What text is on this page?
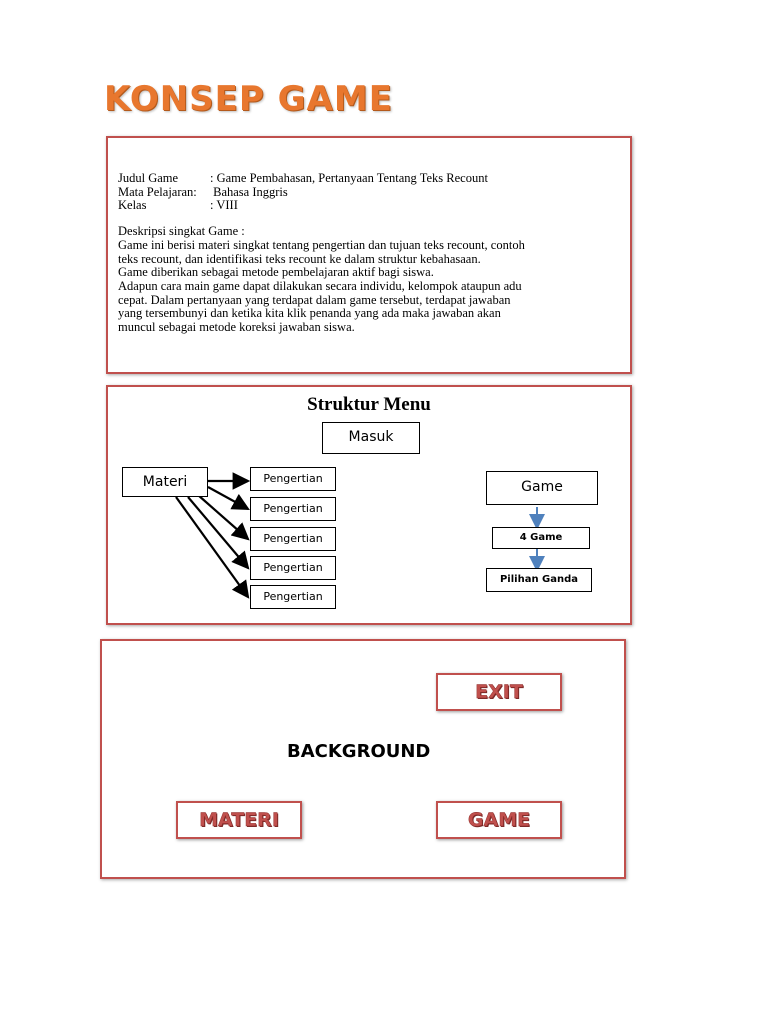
KONSEP GAME
Judul Game	: Game Pembahasan, Pertanyaan Tentang Teks Recount
Mata Pelajaran: Bahasa Inggris
Kelas	: VIII
Deskripsi singkat Game :
Game ini berisi materi singkat tentang pengertian dan tujuan teks recount, contoh
teks recount, dan identifikasi teks recount ke dalam struktur kebahasaan.
Game diberikan sebagai metode pembelajaran aktif bagi siswa.
Adapun cara main game dapat dilakukan secara individu, kelompok ataupun adu
cepat. Dalam pertanyaan yang terdapat dalam game tersebut, terdapat jawaban
yang tersembunyi dan ketika kita klik penanda yang ada maka jawaban akan
muncul sebagai metode koreksi jawaban siswa.
Struktur Menu
Masuk
Materi	Pengertian
Pengertian
Pengertian
Pengertian
Pengertian
Game
4 Game
Pilihan Ganda
BACKGROUND
EXIT
MATERI	GAME
